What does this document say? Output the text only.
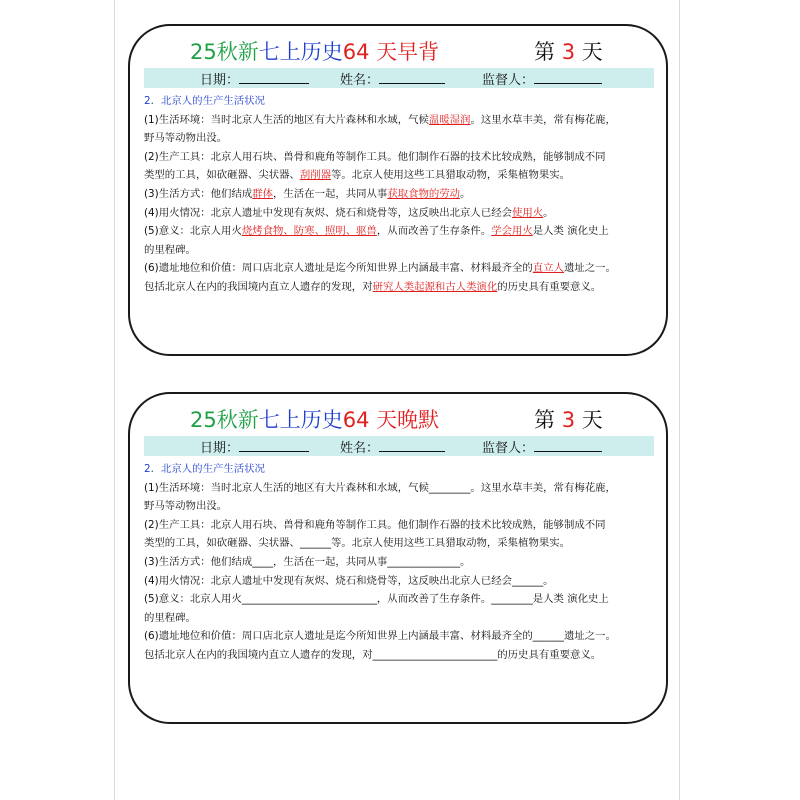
25秋新七上历史64 天早背	第 3 天
日期：	姓名：	监督人：

2．北京人的生产生活状况

(1)生活环境：当时北京人生活的地区有大片森林和水域，气候温暖湿润。这里水草丰美，常有梅花鹿，

野马等动物出没。

(2)生产工具：北京人用石块、兽骨和鹿角等制作工具。他们制作石器的技术比较成熟，能够制成不同

类型的工具，如砍砸器、尖状器、刮削器等。北京人使用这些工具猎取动物，采集植物果实。

(3)生活方式：他们结成群体，生活在一起，共同从事获取食物的劳动。

(4)用火情况：北京人遗址中发现有灰烬、烧石和烧骨等，这反映出北京人已经会使用火。

(5)意义：北京人用火烧烤食物、防寒、照明、驱兽，从而改善了生存条件。学会用火是人类 演化史上

的里程碑。

(6)遗址地位和价值：周口店北京人遗址是迄今所知世界上内涵最丰富、材料最齐全的直立人遗址之一。

包括北京人在内的我国境内直立人遗存的发现，对研究人类起源和古人类演化的历史具有重要意义。

25秋新七上历史64 天晚默	第 3 天
日期：	姓名：	监督人：

2．北京人的生产生活状况

(1)生活环境：当时北京人生活的地区有大片森林和水域，气候________。这里水草丰美，常有梅花鹿，

野马等动物出没。

(2)生产工具：北京人用石块、兽骨和鹿角等制作工具。他们制作石器的技术比较成熟，能够制成不同

类型的工具，如砍砸器、尖状器、______等。北京人使用这些工具猎取动物，采集植物果实。

(3)生活方式：他们结成____，生活在一起，共同从事______________。

(4)用火情况：北京人遗址中发现有灰烬、烧石和烧骨等，这反映出北京人已经会______。

(5)意义：北京人用火__________________________，从而改善了生存条件。________是人类 演化史上

的里程碑。

(6)遗址地位和价值：周口店北京人遗址是迄今所知世界上内涵最丰富、材料最齐全的______遗址之一。

包括北京人在内的我国境内直立人遗存的发现，对________________________的历史具有重要意义。
